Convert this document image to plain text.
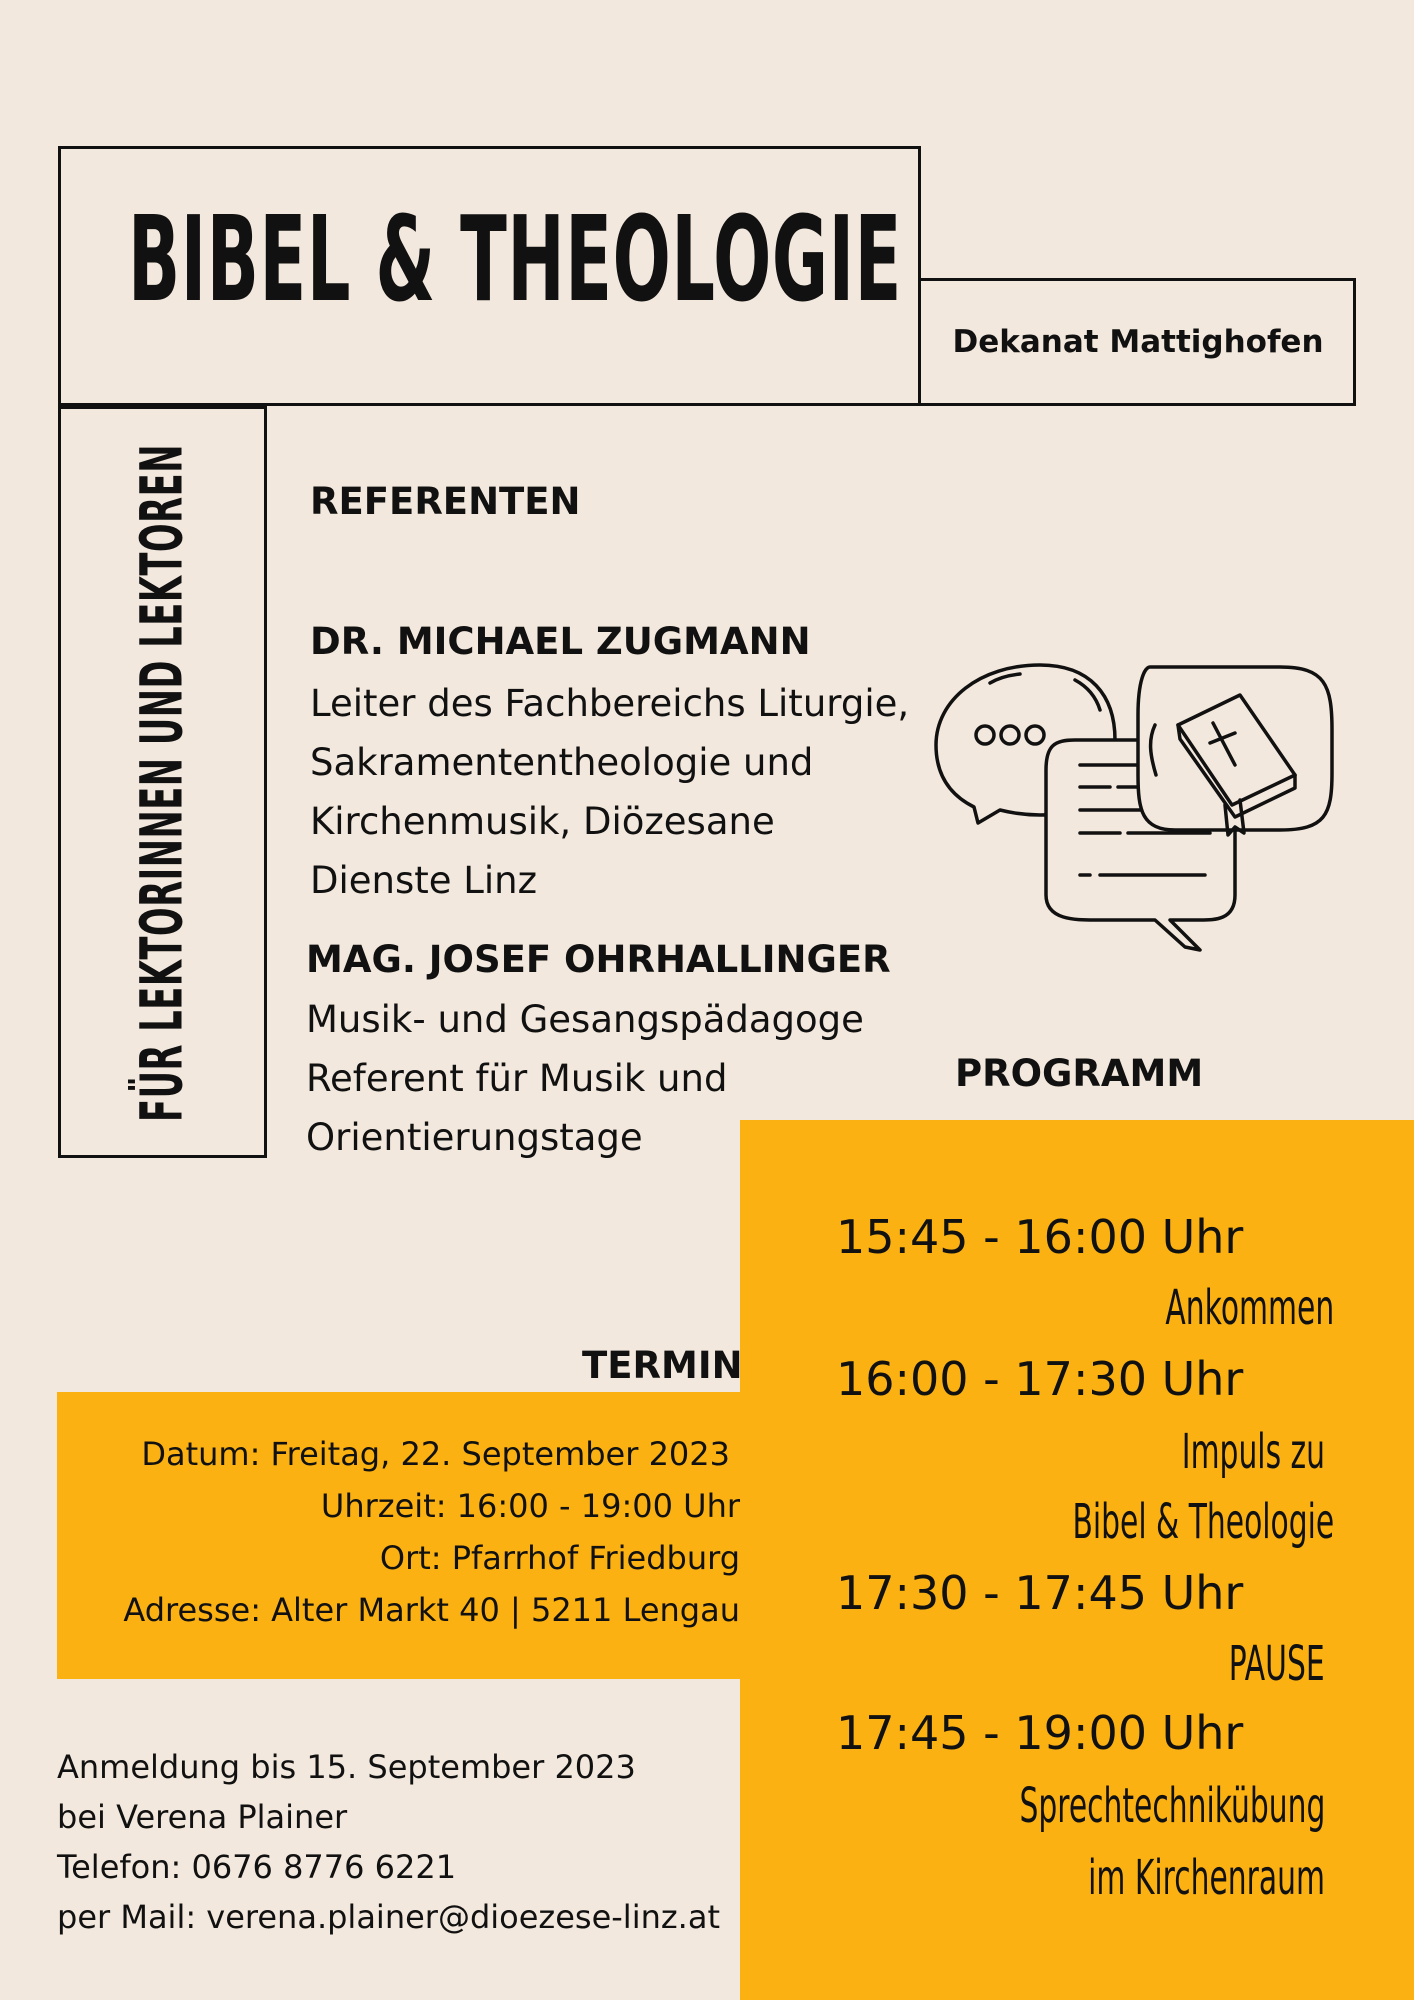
BIBEL & THEOLOGIE
Dekanat Mattighofen
FÜR LEKTORINNEN UND LEKTOREN	REFERENTEN
DR. MICHAEL ZUGMANN
Leiter des Fachbereichs Liturgie,
Sakramententheologie und
Kirchenmusik, Diözesane
Dienste Linz
MAG. JOSEF OHRHALLINGER
Musik- und Gesangspädagoge
Referent für Musik und
Orientierungstage
PROGRAMM
TERMIN
Datum: Freitag, 22. September 2023
Uhrzeit: 16:00 - 19:00 Uhr
Ort: Pfarrhof Friedburg
Adresse: Alter Markt 40 | 5211 Lengau
15:45 - 16:00 Uhr
Ankommen
16:00 - 17:30 Uhr
Impuls zu
Bibel & Theologie
17:30 - 17:45 Uhr
PAUSE
17:45 - 19:00 Uhr
Sprechtechnikübung
im Kirchenraum
Anmeldung bis 15. September 2023
bei Verena Plainer
Telefon: 0676 8776 6221
per Mail: verena.plainer@dioezese-linz.at
